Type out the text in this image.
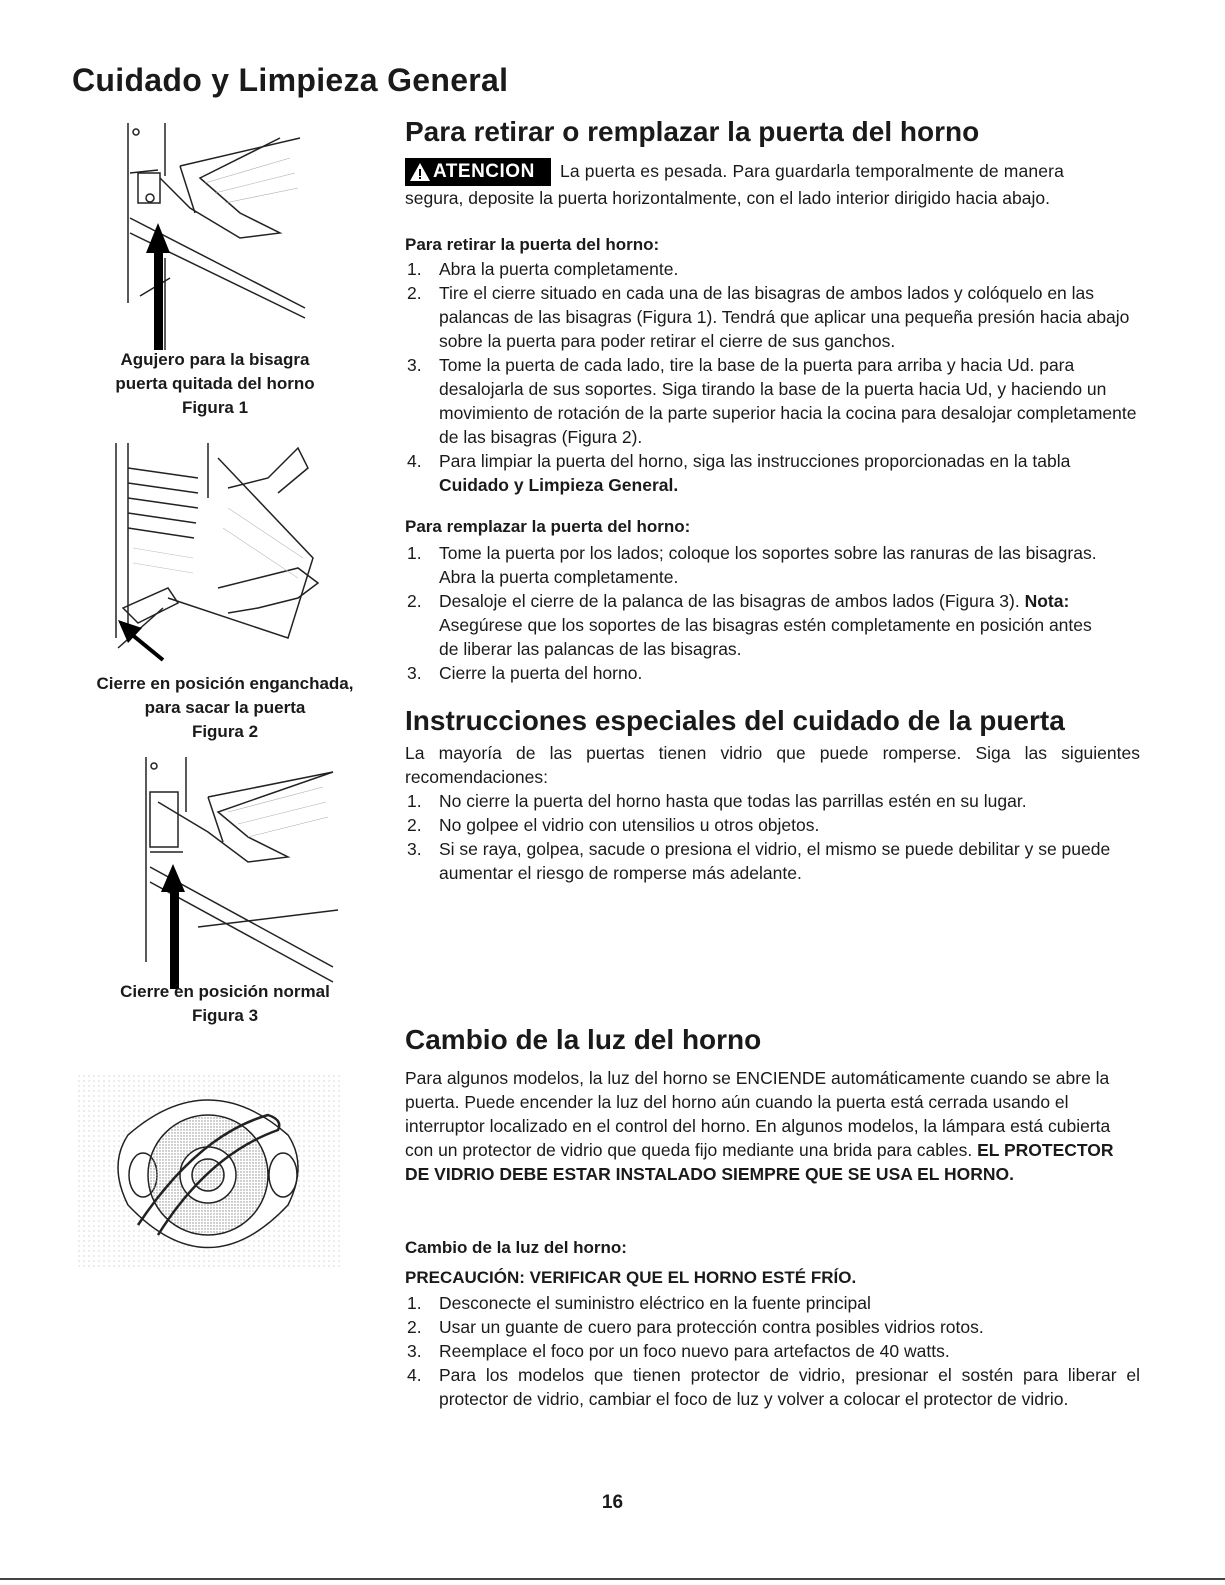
Cuidado y Limpieza General
Agujero para la bisagra
puerta quitada del horno
Figura 1
Cierre en posición enganchada,
para sacar la puerta
Figura 2
Cierre en posición normal
Figura 3
Para retirar o remplazar la puerta del horno
ATENCION La puerta es pesada. Para guardarla temporalmente de manera
segura, deposite la puerta horizontalmente, con el lado interior dirigido hacia abajo.
Para retirar la puerta del horno:
1. Abra la puerta completamente.
2. Tire el cierre situado en cada una de las bisagras de ambos lados y colóquelo en las palancas de las bisagras (Figura 1). Tendrá que aplicar una pequeña presión hacia abajo sobre la puerta para poder retirar el cierre de sus ganchos.
3. Tome la puerta de cada lado, tire la base de la puerta para arriba y hacia Ud. para desalojarla de sus soportes. Siga tirando la base de la puerta hacia Ud, y haciendo un movimiento de rotación de la parte superior hacia la cocina para desalojar completamente de las bisagras (Figura 2).
4. Para limpiar la puerta del horno, siga las instrucciones proporcionadas en la tabla Cuidado y Limpieza General.
Para remplazar la puerta del horno:
1. Tome la puerta por los lados; coloque los soportes sobre las ranuras de las bisagras. Abra la puerta completamente.
2. Desaloje el cierre de la palanca de las bisagras de ambos lados (Figura 3). Nota: Asegúrese que los soportes de las bisagras estén completamente en posición antes de liberar las palancas de las bisagras.
3. Cierre la puerta del horno.
Instrucciones especiales del cuidado de la puerta
La mayoría de las puertas tienen vidrio que puede romperse. Siga las siguientes recomendaciones:
1. No cierre la puerta del horno hasta que todas las parrillas estén en su lugar.
2. No golpee el vidrio con utensilios u otros objetos.
3. Si se raya, golpea, sacude o presiona el vidrio, el mismo se puede debilitar y se puede aumentar el riesgo de romperse más adelante.
Cambio de la luz del horno
Para algunos modelos, la luz del horno se ENCIENDE automáticamente cuando se abre la puerta. Puede encender la luz del horno aún cuando la puerta está cerrada usando el interruptor localizado en el control del horno. En algunos modelos, la lámpara está cubierta con un protector de vidrio que queda fijo mediante una brida para cables. EL PROTECTOR DE VIDRIO DEBE ESTAR INSTALADO SIEMPRE QUE SE USA EL HORNO.
Cambio de la luz del horno:
PRECAUCIÓN: VERIFICAR QUE EL HORNO ESTÉ FRÍO.
1. Desconecte el suministro eléctrico en la fuente principal
2. Usar un guante de cuero para protección contra posibles vidrios rotos.
3. Reemplace el foco por un foco nuevo para artefactos de 40 watts.
4. Para los modelos que tienen protector de vidrio, presionar el sostén para liberar el protector de vidrio, cambiar el foco de luz y volver a colocar el protector de vidrio.
16
